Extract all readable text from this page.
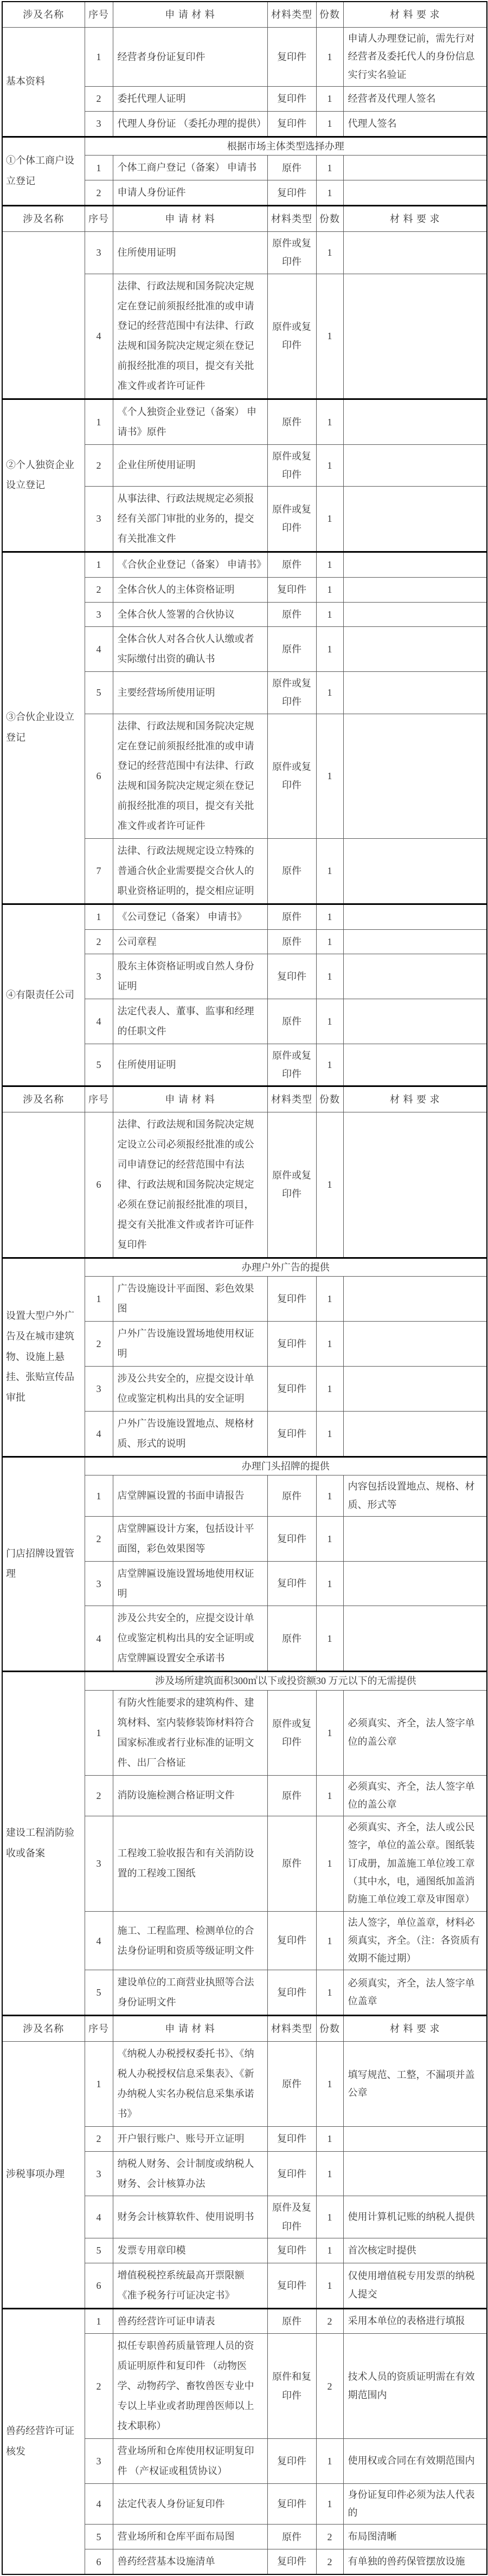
涉及名称	序号	申 请 材 料	材料类型	份数	材 料 要 求
基本资料	1	经营者身份证复印件	复印件	1	申请人办理登记前，需先行对经营者及委托代人的身份信息实行实名验证
	2	委托代理人证明	复印件	1	经营者及代理人签名
	3	代理人身份证 （委托办理的提供）	复印件	1	代理人签名
①个体工商户设立登记	根据市场主体类型选择办理				
	1	个体工商户登记（备案） 申请书	原件	1	
	2	申请人身份证件	复印件	1	
涉及名称	序号	申 请 材 料	材料类型	份数	材 料 要 求
	3	住所使用证明	原件或复印件	1	
	4	法律、行政法规和国务院决定规定在登记前须报经批准的或申请登记的经营范围中有法律、行政法规和国务院决定规定须在登记前报经批准的项目，提交有关批准文件或者许可证件	原件或复印件	1	
②个人独资企业设立登记	1	《个人独资企业登记（备案） 申请书》原件	原件	1	
	2	企业住所使用证明	原件或复印件	1	
	3	从事法律、行政法规规定必须报经有关部门审批的业务的，提交有关批准文件	原件或复印件	1	
③合伙企业设立登记	1	《合伙企业登记（备案） 申请书》	原件	1	
	2	全体合伙人的主体资格证明	复印件	1	
	3	全体合伙人签署的合伙协议	原件	1	
	4	全体合伙人对各合伙人认缴或者实际缴付出资的确认书	原件	1	
	5	主要经营场所使用证明	原件或复印件	1	
	6	法律、行政法规和国务院决定规定在登记前须报经批准的或申请登记的经营范围中有法律、行政法规和国务院决定规定须在登记前报经批准的项目，提交有关批准文件或者许可证件	原件或复印件	1	
	7	法律、行政法规规定设立特殊的普通合伙企业需要提交合伙人的职业资格证明的，提交相应证明	原件	1	
④有限责任公司	1	《公司登记（备案） 申请书》	原件	1	
	2	公司章程	原件	1	
	3	股东主体资格证明或自然人身份证明	复印件	1	
	4	法定代表人、董事、监事和经理的任职文件	原件	1	
	5	住所使用证明	原件或复印件	1	
涉及名称	序号	申 请 材 料	材料类型	份数	材 料 要 求
	6	法律、行政法规和国务院决定规定设立公司必须报经批准的或公司申请登记的经营范围中有法律、行政法规和国务院决定规定必须在登记前报经批准的项目，提交有关批准文件或者许可证件复印件	原件或复印件	1	
设置大型户外广告及在城市建筑物、设施上悬挂、张贴宣传品审批	办理户外广告的提供				
	1	广告设施设计平面图、彩色效果图	复印件	1	
	2	户外广告设施设置场地使用权证明	复印件	1	
	3	涉及公共安全的，应提交设计单位或鉴定机构出具的安全证明	复印件	1	
	4	户外广告设施设置地点、规格材质、形式的说明	复印件	1	
门店招牌设置管理	办理门头招牌的提供				
	1	店堂牌匾设置的书面申请报告	原件	1	内容包括设置地点、规格、材质、形式等
	2	店堂牌匾设计方案，包括设计平面图，彩色效果图等	复印件	1	
	3	店堂牌匾设施设置场地使用权证明	复印件	1	
	4	涉及公共安全的，应提交设计单位或鉴定机构出具的安全证明或店堂牌匾设置安全承诺书	原件	1	
建设工程消防验收或备案	涉及场所建筑面积300㎡以下或投资额30 万元以下的无需提供				
	1	有防火性能要求的建筑构件、建筑材料、室内装修装饰材料符合国家标准或者行业标准的证明文件、出厂合格证	原件或复印件	1	必须真实、齐全，法人签字单位的盖公章
	2	消防设施检测合格证明文件	原件	1	必须真实、齐全，法人签字单位的盖公章
	3	工程竣工验收报告和有关消防设置的工程竣工图纸	原件	1	必须真实、齐全，法人或公民签字，单位的盖公章。图纸装订成册，加盖施工单位竣工章（其中水，电，通图纸加盖消防施工单位竣工章及审图章）
	4	施工、工程监理、检测单位的合法身份证明和资质等级证明文件	复印件	1	法人签字，单位盖章，材料必须真实，齐全。（注：各资质有效期不能过期）
	5	建设单位的工商营业执照等合法身份证明文件	复印件	1	必须真实，齐全，法人签字单位盖章
涉及名称	序号	申 请 材 料	材料类型	份数	材 料 要 求
涉税事项办理	1	《纳税人办税授权委托书》、《纳税人办税授权信息采集表》、《新办纳税人实名办税信息采集承诺书》	原件	1	填写规范、工整，不漏项并盖公章
	2	开户银行账户、账号开立证明	复印件	1	
	3	纳税人财务、会计制度或纳税人财务、会计核算办法	复印件	1	
	4	财务会计核算软件、使用说明书	原件及复印件	1	使用计算机记账的纳税人提供
	5	发票专用章印模	复印件	1	首次核定时提供
	6	增值税税控系统最高开票限额《准予税务行可证决定书》	复印件	1	仅使用增值税专用发票的纳税人提交
兽药经营许可证核发	1	兽药经营许可证申请表	原件	2	采用本单位的表格进行填报
	2	拟任专职兽药质量管理人员的资质证明原件和复印件 （动物医学、动物药学、畜牧兽医专业中专以上毕业或者助理兽医师以上技术职称）	原件和复印件	2	技术人员的资质证明需在有效期范围内
	3	营业场所和仓库使用权证明复印件 （产权证或租赁协议）	复印件	1	使用权或合同在有效期范围内
	4	法定代表人身份证复印件	复印件	1	身份证复印件必须为法人代表的
	5	营业场所和仓库平面布局图	原件	2	布局图清晰
	6	兽药经营基本设施清单	复印件	2	有单独的兽药保管摆放设施
